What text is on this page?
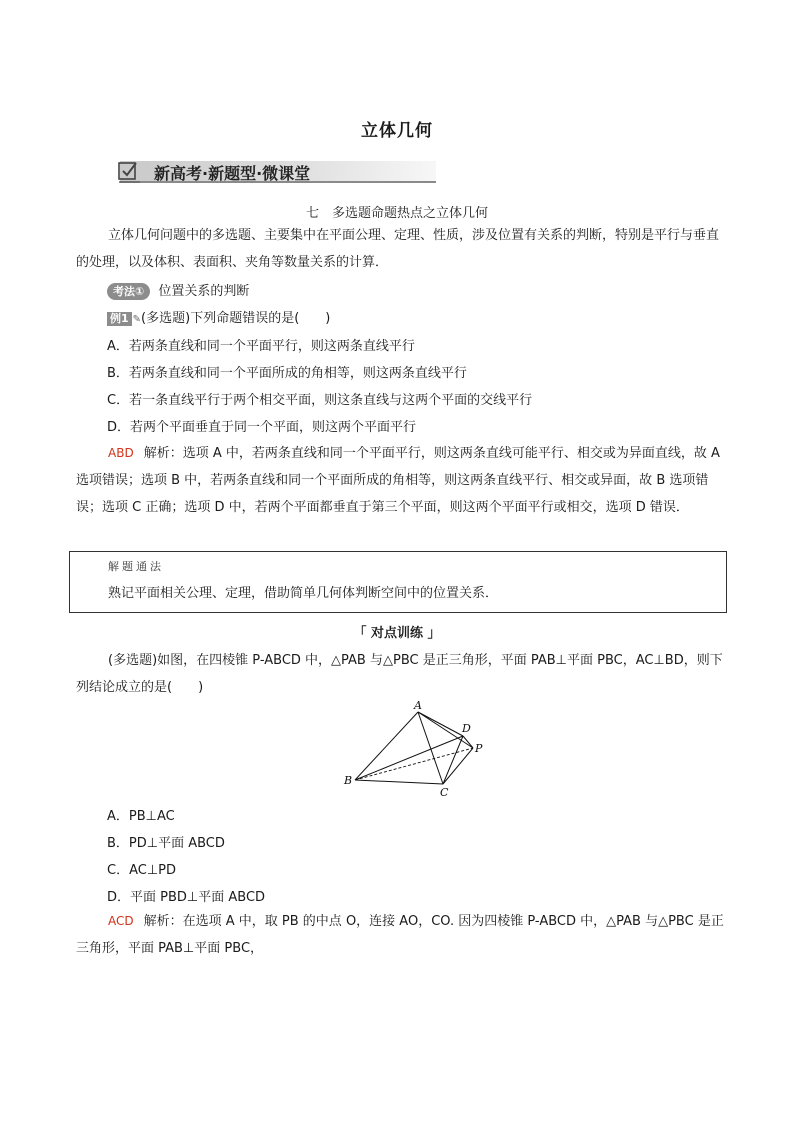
立体几何
新高考·新题型·微课堂
七　多选题命题热点之立体几何
立体几何问题中的多选题、主要集中在平面公理、定理、性质，涉及位置有关系的判断，特别是平行与垂直的处理，以及体积、表面积、夹角等数量关系的计算．
考法① 位置关系的判断
例1 ✎(多选题)下列命题错误的是(　　)
A．若两条直线和同一个平面平行，则这两条直线平行
B．若两条直线和同一个平面所成的角相等，则这两条直线平行
C．若一条直线平行于两个相交平面，则这条直线与这两个平面的交线平行
D．若两个平面垂直于同一个平面，则这两个平面平行
ABD 解析：选项 A 中，若两条直线和同一个平面平行，则这两条直线可能平行、相交或为异面直线，故 A 选项错误；选项 B 中，若两条直线和同一个平面所成的角相等，则这两条直线平行、相交或异面，故 B 选项错误；选项 C 正确；选项 D 中，若两个平面都垂直于第三个平面，则这两个平面平行或相交，选项 D 错误．
解题通法
熟记平面相关公理、定理，借助简单几何体判断空间中的位置关系．
「 对点训练 」
(多选题)如图，在四棱锥 P-ABCD 中，△PAB 与△PBC 是正三角形，平面 PAB⊥平面 PBC，AC⊥BD，则下列结论成立的是(　　)
A
B
C
D
P
A．PB⊥AC
B．PD⊥平面 ABCD
C．AC⊥PD
D．平面 PBD⊥平面 ABCD
ACD 解析：在选项 A 中，取 PB 的中点 O，连接 AO，CO. 因为四棱锥 P-ABCD 中，△PAB 与△PBC 是正三角形，平面 PAB⊥平面 PBC，
